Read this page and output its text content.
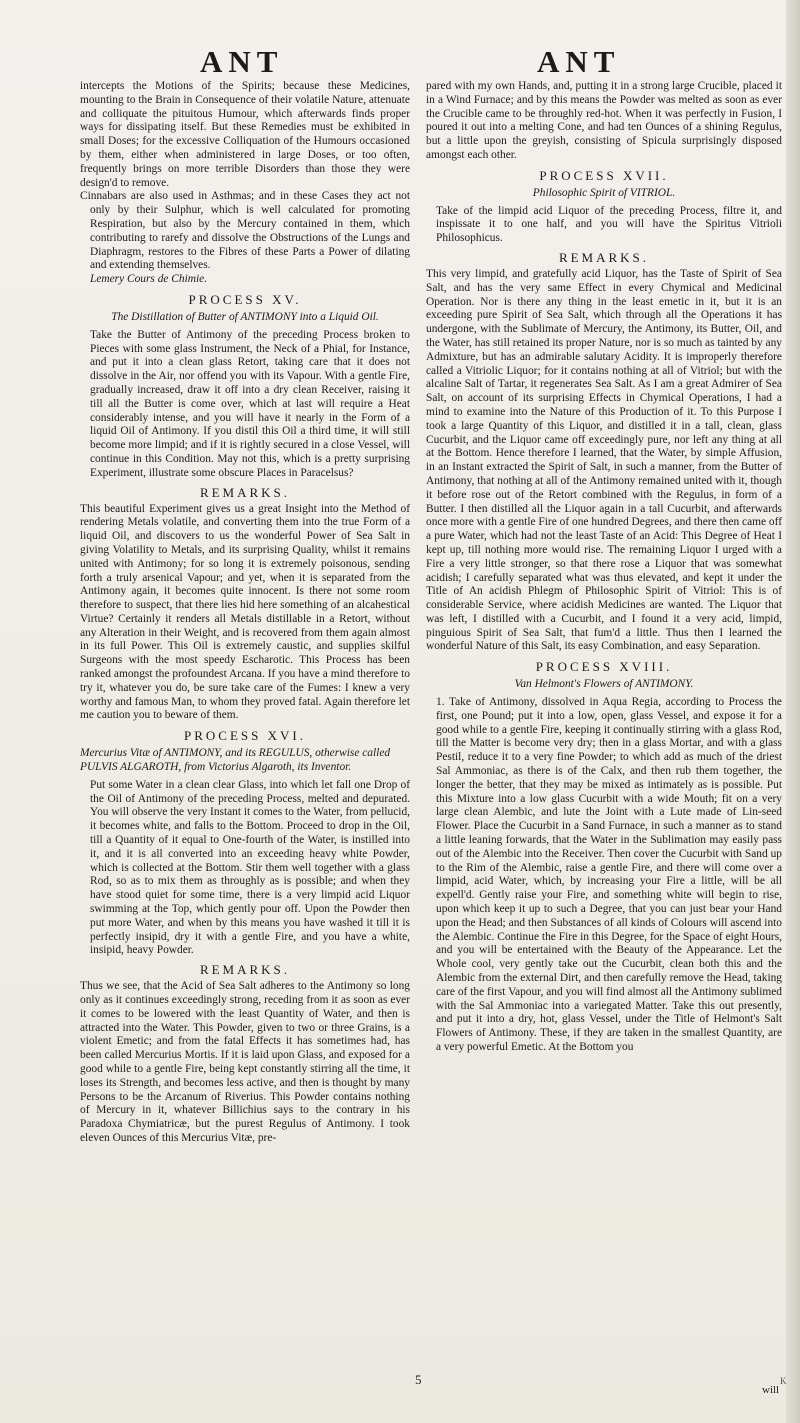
ANT	ANT

intercepts the Motions of the Spirits; because these Medicines, mounting to the Brain in Consequence of their volatile Nature, attenuate and colliquate the pituitous Humour, which afterwards finds proper ways for dissipating itself. But these Remedies must be exhibited in small Doses; for the excessive Colliquation of the Humours occasioned by them, either when administered in large Doses, or too often, frequently brings on more terrible Disorders than those they were design'd to remove.

Cinnabars are also used in Asthmas; and in these Cases they act not only by their Sulphur, which is well calculated for promoting Respiration, but also by the Mercury contained in them, which contributing to rarefy and dissolve the Obstructions of the Lungs and Diaphragm, restores to the Fibres of these Parts a Power of dilating and extending themselves.

Lemery Cours de Chimie.

PROCESS XV.
The Distillation of Butter of ANTIMONY into a Liquid Oil.

Take the Butter of Antimony of the preceding Process broken to Pieces with some glass Instrument, the Neck of a Phial, for Instance, and put it into a clean glass Retort, taking care that it does not dissolve in the Air, nor offend you with its Vapour. With a gentle Fire, gradually increased, draw it off into a dry clean Receiver, raising it till all the Butter is come over, which at last will require a Heat considerably intense, and you will have it nearly in the Form of a liquid Oil of Antimony. If you distil this Oil a third time, it will still become more limpid; and if it is rightly secured in a close Vessel, will continue in this Condition. May not this, which is a pretty surprising Experiment, illustrate some obscure Places in Paracelsus?

REMARKS.

This beautiful Experiment gives us a great Insight into the Method of rendering Metals volatile, and converting them into the true Form of a liquid Oil, and discovers to us the wonderful Power of Sea Salt in giving Volatility to Metals, and its surprising Quality, whilst it remains united with Antimony; for so long it is extremely poisonous, sending forth a truly arsenical Vapour; and yet, when it is separated from the Antimony again, it becomes quite innocent. Is there not some room therefore to suspect, that there lies hid here something of an alcahestical Virtue? Certainly it renders all Metals distillable in a Retort, without any Alteration in their Weight, and is recovered from them again almost in its full Power. This Oil is extremely caustic, and supplies skilful Surgeons with the most speedy Escharotic. This Process has been ranked amongst the profoundest Arcana. If you have a mind therefore to try it, whatever you do, be sure take care of the Fumes: I knew a very worthy and famous Man, to whom they proved fatal. Again therefore let me caution you to beware of them.

PROCESS XVI.

Mercurius Vitæ of ANTIMONY, and its REGULUS, otherwise called PULVIS ALGAROTH, from Victorius Algaroth, its Inventor.

Put some Water in a clean clear Glass, into which let fall one Drop of the Oil of Antimony of the preceding Process, melted and depurated. You will observe the very Instant it comes to the Water, from pellucid, it becomes white, and falls to the Bottom. Proceed to drop in the Oil, till a Quantity of it equal to One-fourth of the Water, is instilled into it, and it is all converted into an exceeding heavy white Powder, which is collected at the Bottom. Stir them well together with a glass Rod, so as to mix them as throughly as is possible; and when they have stood quiet for some time, there is a very limpid acid Liquor swimming at the Top, which gently pour off. Upon the Powder then put more Water, and when by this means you have washed it till it is perfectly insipid, dry it with a gentle Fire, and you have a white, insipid, heavy Powder.

REMARKS.

Thus we see, that the Acid of Sea Salt adheres to the Antimony so long only as it continues exceedingly strong, receding from it as soon as ever it comes to be lowered with the least Quantity of Water, and then is attracted into the Water. This Powder, given to two or three Grains, is a violent Emetic; and from the fatal Effects it has sometimes had, has been called Mercurius Mortis. If it is laid upon Glass, and exposed for a good while to a gentle Fire, being kept constantly stirring all the time, it loses its Strength, and becomes less active, and then is thought by many Persons to be the Arcanum of Riverius. This Powder contains nothing of Mercury in it, whatever Billichius says to the contrary in his Paradoxa Chymiatricæ, but the purest Regulus of Antimony. I took eleven Ounces of this Mercurius Vitæ, pre-

pared with my own Hands, and, putting it in a strong large Crucible, placed it in a Wind Furnace; and by this means the Powder was melted as soon as ever the Crucible came to be throughly red-hot. When it was perfectly in Fusion, I poured it out into a melting Cone, and had ten Ounces of a shining Regulus, but a little upon the greyish, consisting of Spicula surprisingly disposed amongst each other.

PROCESS XVII.
Philosophic Spirit of VITRIOL.

Take of the limpid acid Liquor of the preceding Process, filtre it, and inspissate it to one half, and you will have the Spiritus Vitrioli Philosophicus.

REMARKS.

This very limpid, and gratefully acid Liquor, has the Taste of Spirit of Sea Salt, and has the very same Effect in every Chymical and Medicinal Operation. Nor is there any thing in the least emetic in it, but it is an exceeding pure Spirit of Sea Salt, which through all the Operations it has undergone, with the Sublimate of Mercury, the Antimony, its Butter, Oil, and the Water, has still retained its proper Nature, nor is so much as tainted by any Admixture, but has an admirable salutary Acidity. It is improperly therefore called a Vitriolic Liquor; for it contains nothing at all of Vitriol; but with the alcaline Salt of Tartar, it regenerates Sea Salt. As I am a great Admirer of Sea Salt, on account of its surprising Effects in Chymical Operations, I had a mind to examine into the Nature of this Production of it. To this Purpose I took a large Quantity of this Liquor, and distilled it in a tall, clean, glass Cucurbit, and the Liquor came off exceedingly pure, nor left any thing at all at the Bottom. Hence therefore I learned, that the Water, by simple Affusion, in an Instant extracted the Spirit of Salt, in such a manner, from the Butter of Antimony, that nothing at all of the Antimony remained united with it, though it before rose out of the Retort combined with the Regulus, in form of a Butter. I then distilled all the Liquor again in a tall Cucurbit, and afterwards once more with a gentle Fire of one hundred Degrees, and there then came off a pure Water, which had not the least Taste of an Acid: This Degree of Heat I kept up, till nothing more would rise. The remaining Liquor I urged with a Fire a very little stronger, so that there rose a Liquor that was somewhat acidish; I carefully separated what was thus elevated, and kept it under the Title of An acidish Phlegm of Philosophic Spirit of Vitriol: This is of considerable Service, where acidish Medicines are wanted. The Liquor that was left, I distilled with a Cucurbit, and I found it a very acid, limpid, pinguious Spirit of Sea Salt, that fum'd a little. Thus then I learned the wonderful Nature of this Salt, its easy Combination, and easy Separation.

PROCESS XVIII.
Van Helmont's Flowers of ANTIMONY.

1. Take of Antimony, dissolved in Aqua Regia, according to Process the first, one Pound; put it into a low, open, glass Vessel, and expose it for a good while to a gentle Fire, keeping it continually stirring with a glass Rod, till the Matter is become very dry; then in a glass Mortar, and with a glass Pestil, reduce it to a very fine Powder; to which add as much of the driest Sal Ammoniac, as there is of the Calx, and then rub them together, the longer the better, that they may be mixed as intimately as is possible. Put this Mixture into a low glass Cucurbit with a wide Mouth; fit on a very large clean Alembic, and lute the Joint with a Lute made of Lin-seed Flower. Place the Cucurbit in a Sand Furnace, in such a manner as to stand a little leaning forwards, that the Water in the Sublimation may easily pass out of the Alembic into the Receiver. Then cover the Cucurbit with Sand up to the Rim of the Alembic, raise a gentle Fire, and there will come over a limpid, acid Water, which, by increasing your Fire a little, will be all expell'd. Gently raise your Fire, and something white will begin to rise, upon which keep it up to such a Degree, that you can just bear your Hand upon the Head; and then Substances of all kinds of Colours will ascend into the Alembic. Continue the Fire in this Degree, for the Space of eight Hours, and you will be entertained with the Beauty of the Appearance. Let the Whole cool, very gently take out the Cucurbit, clean both this and the Alembic from the external Dirt, and then carefully remove the Head, taking care of the first Vapour, and you will find almost all the Antimony sublimed with the Sal Ammoniac into a variegated Matter. Take this out presently, and put it into a dry, hot, glass Vessel, under the Title of Helmont's Salt Flowers of Antimony. These, if they are taken in the smallest Quantity, are a very powerful Emetic. At the Bottom you

5
will
K
